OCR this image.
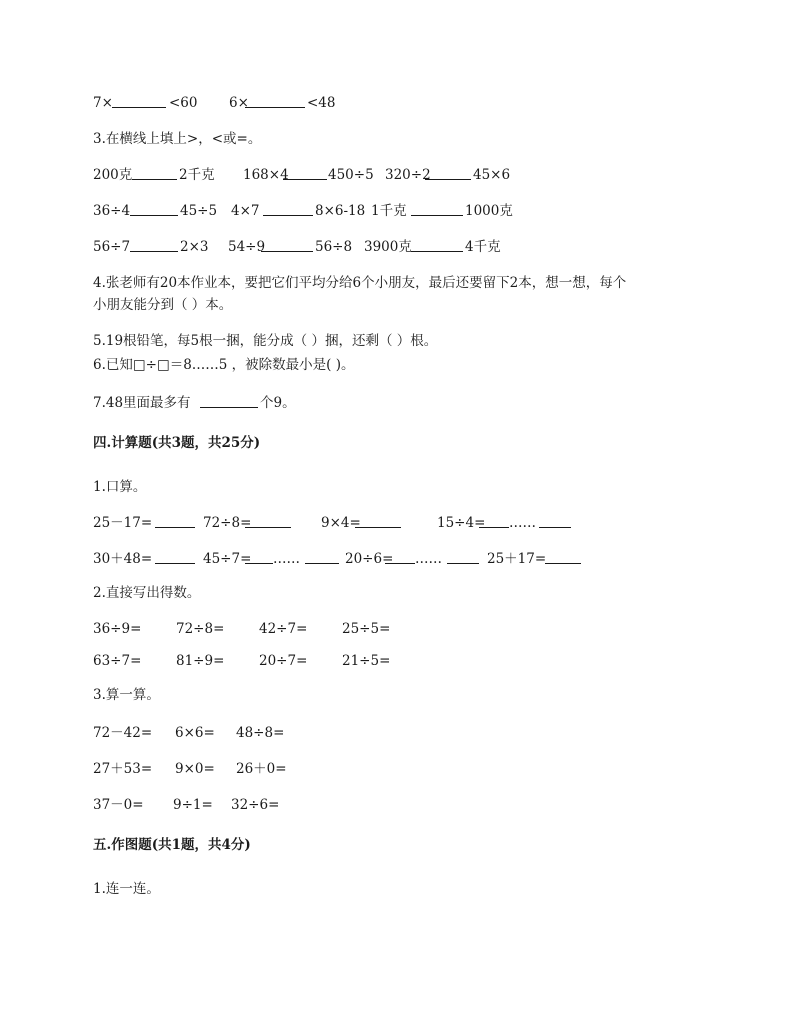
7×	<60 6×	<48
3.在横线上填上>，<或=。
200克	2千克 168×4	450÷5 320÷2	45×6
36÷4	45÷5 4×7	8×6-18 1千克	1000克
56÷7	2×3 54÷9	56÷8 3900克	4千克
4.张老师有20本作业本，要把它们平均分给6个小朋友，最后还要留下2本，想一想，每个
小朋友能分到（ ）本。
5.19根铅笔，每5根一捆，能分成（ ）捆，还剩（ ）根。
6.已知□÷□＝8……5 ，被除数最小是( )。
7.48里面最多有	个9。
四.计算题(共3题，共25分)
1.口算。
25－17=	72÷8=	9×4=	15÷4= ……
30＋48=	45÷7= ……	20÷6= ……	25＋17=
2.直接写出得数。
36÷9=	72÷8=	42÷7=	25÷5=
63÷7=	81÷9=	20÷7=	21÷5=
3.算一算。
72－42= 6×6= 48÷8=
27＋53= 9×0= 26＋0=
37－0= 9÷1= 32÷6=
五.作图题(共1题，共4分)
1.连一连。
